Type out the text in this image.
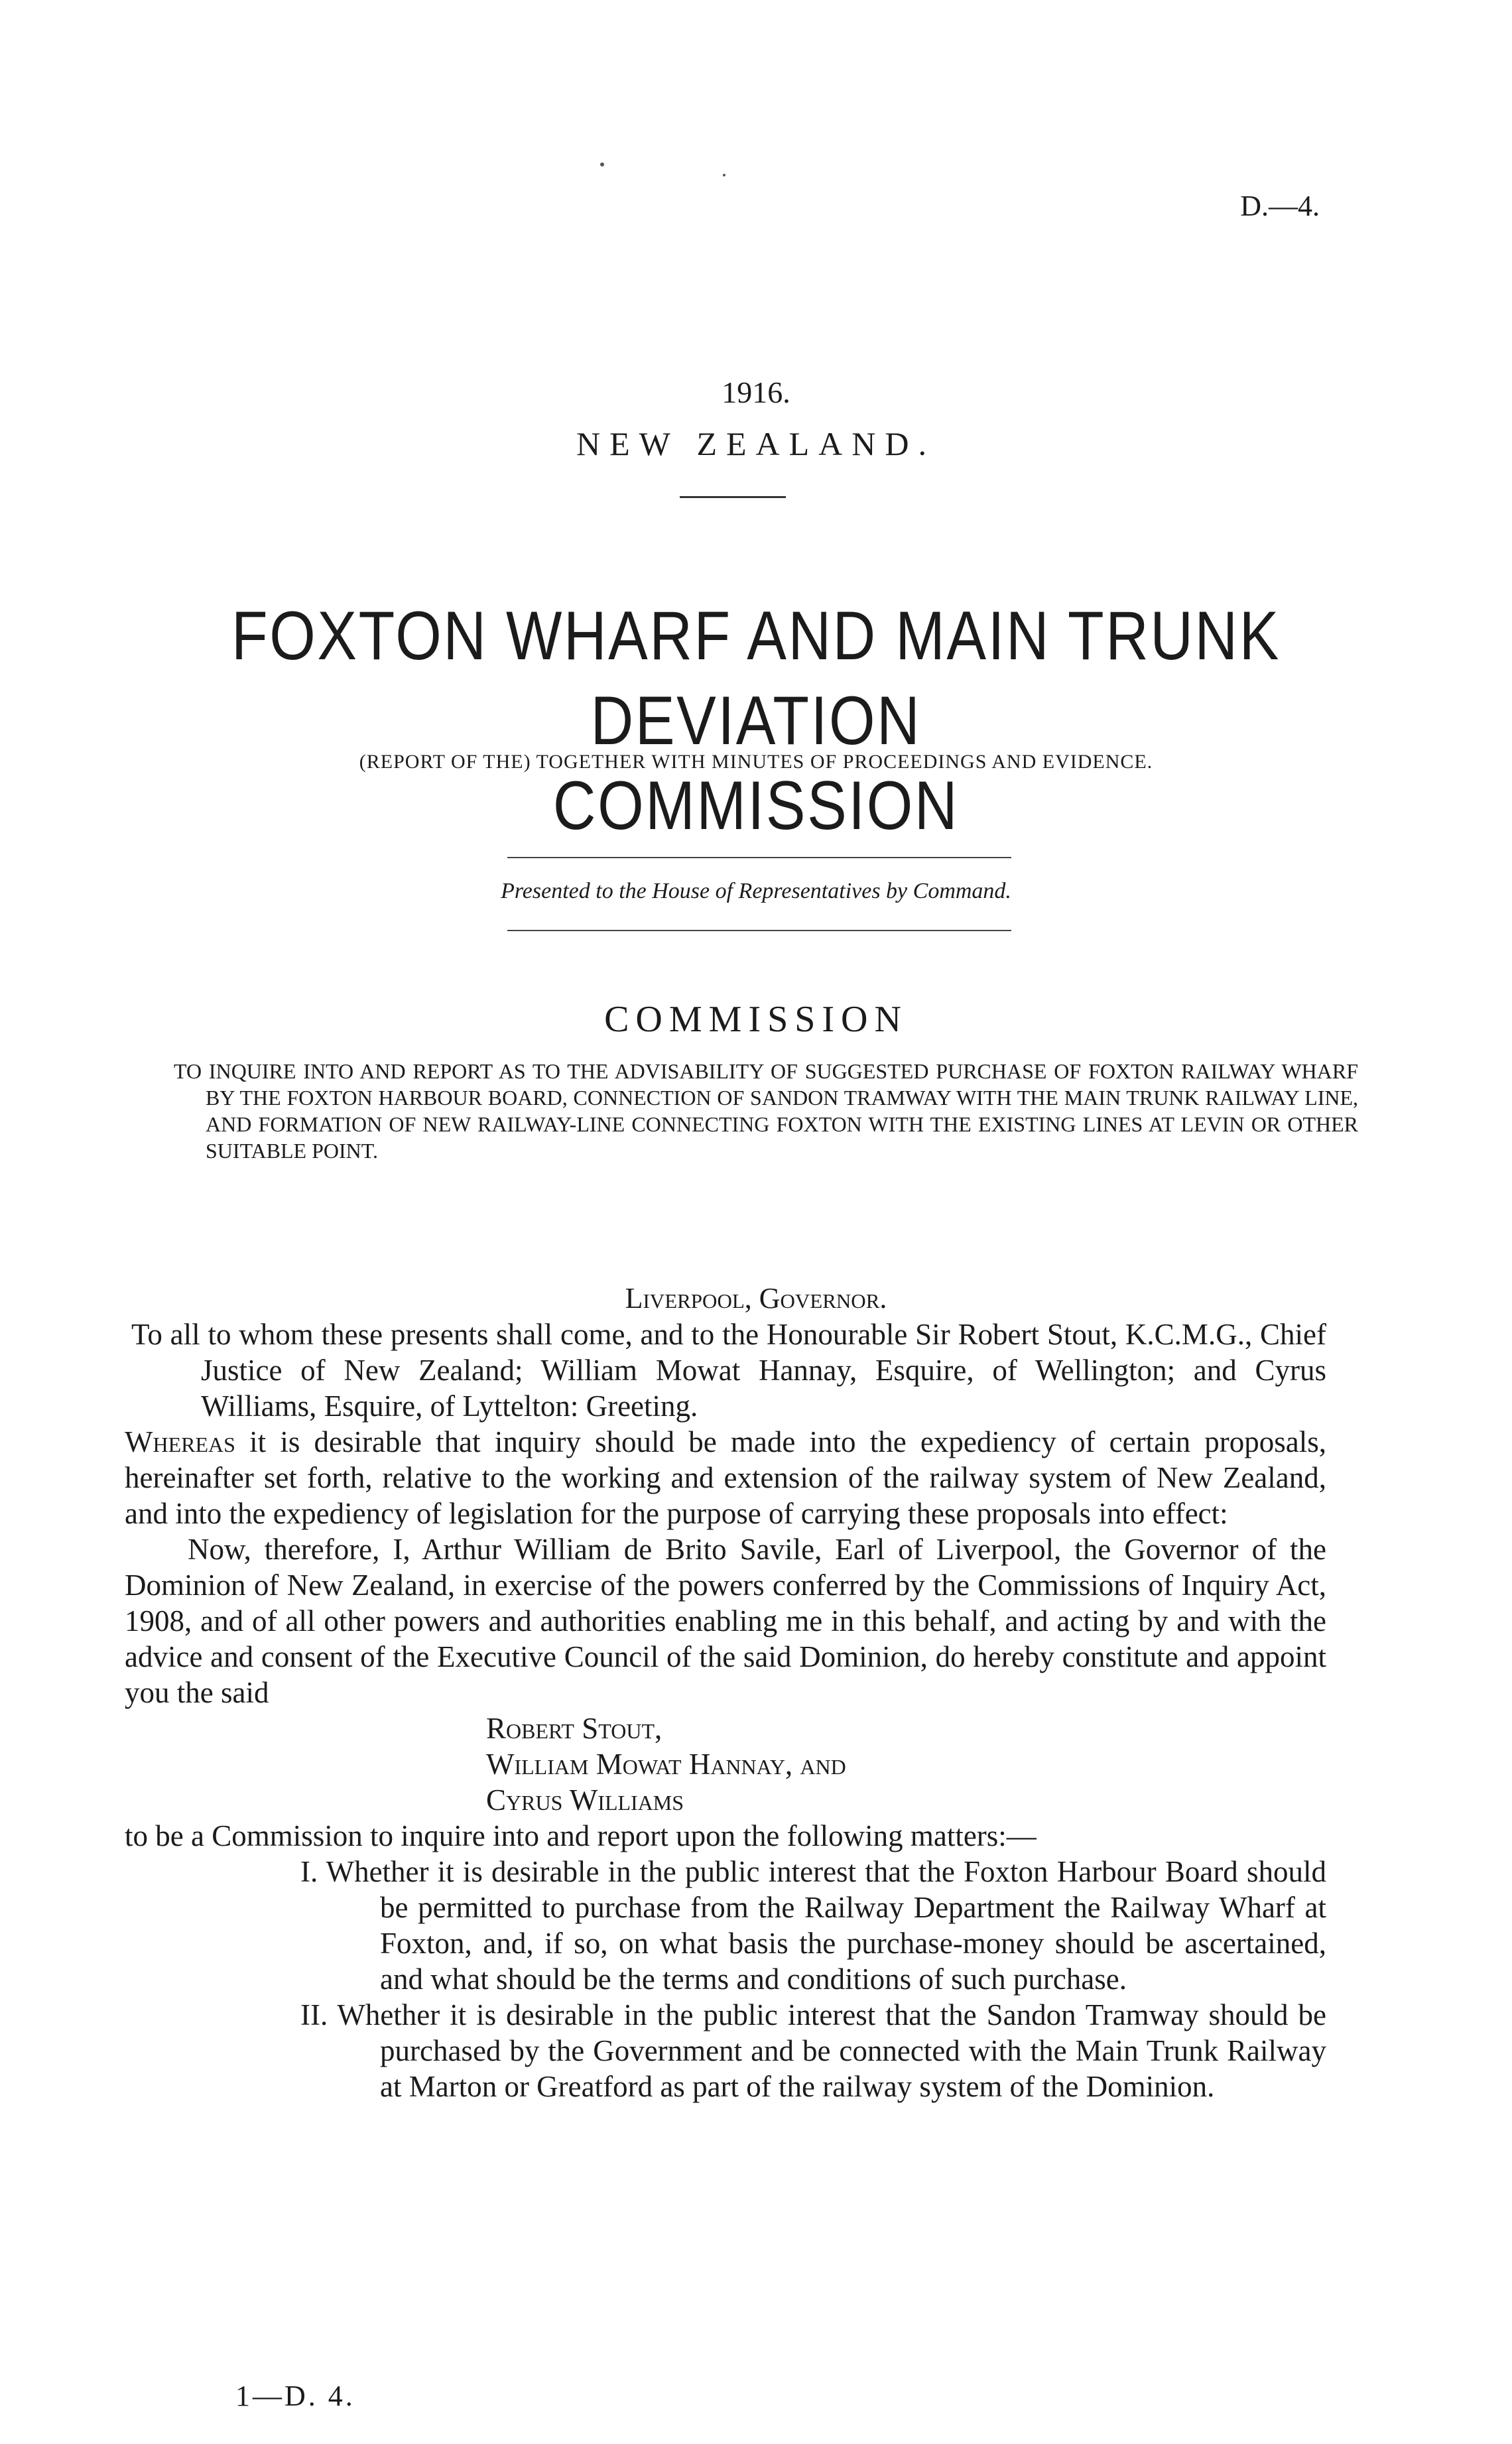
D.—4.
1916.
NEW ZEALAND.
FOXTON WHARF AND MAIN TRUNK DEVIATION
COMMISSION
(REPORT OF THE) TOGETHER WITH MINUTES OF PROCEEDINGS AND EVIDENCE.
Presented to the House of Representatives by Command.
COMMISSION
TO INQUIRE INTO AND REPORT AS TO THE ADVISABILITY OF SUGGESTED PURCHASE OF FOXTON RAILWAY WHARF BY THE FOXTON HARBOUR BOARD, CONNECTION OF SANDON TRAMWAY WITH THE MAIN TRUNK RAILWAY LINE, AND FORMATION OF NEW RAILWAY-LINE CONNECTING FOXTON WITH THE EXISTING LINES AT LEVIN OR OTHER SUITABLE POINT.
Liverpool, Governor.

To all to whom these presents shall come, and to the Honourable Sir Robert Stout, K.C.M.G., Chief Justice of New Zealand; William Mowat Hannay, Esquire, of Wellington; and Cyrus Williams, Esquire, of Lyttelton: Greeting.

Whereas it is desirable that inquiry should be made into the expediency of certain proposals, hereinafter set forth, relative to the working and extension of the railway system of New Zealand, and into the expediency of legislation for the purpose of carrying these proposals into effect:

Now, therefore, I, Arthur William de Brito Savile, Earl of Liverpool, the Governor of the Dominion of New Zealand, in exercise of the powers conferred by the Commissions of Inquiry Act, 1908, and of all other powers and authorities enabling me in this behalf, and acting by and with the advice and consent of the Executive Council of the said Dominion, do hereby constitute and appoint you the said

Robert Stout,
William Mowat Hannay, and
Cyrus Williams

to be a Commission to inquire into and report upon the following matters:—

I. Whether it is desirable in the public interest that the Foxton Harbour Board should be permitted to purchase from the Railway Department the Railway Wharf at Foxton, and, if so, on what basis the purchase-money should be ascertained, and what should be the terms and conditions of such purchase.

II. Whether it is desirable in the public interest that the Sandon Tramway should be purchased by the Government and be connected with the Main Trunk Railway at Marton or Greatford as part of the railway system of the Dominion.

1—D. 4.
